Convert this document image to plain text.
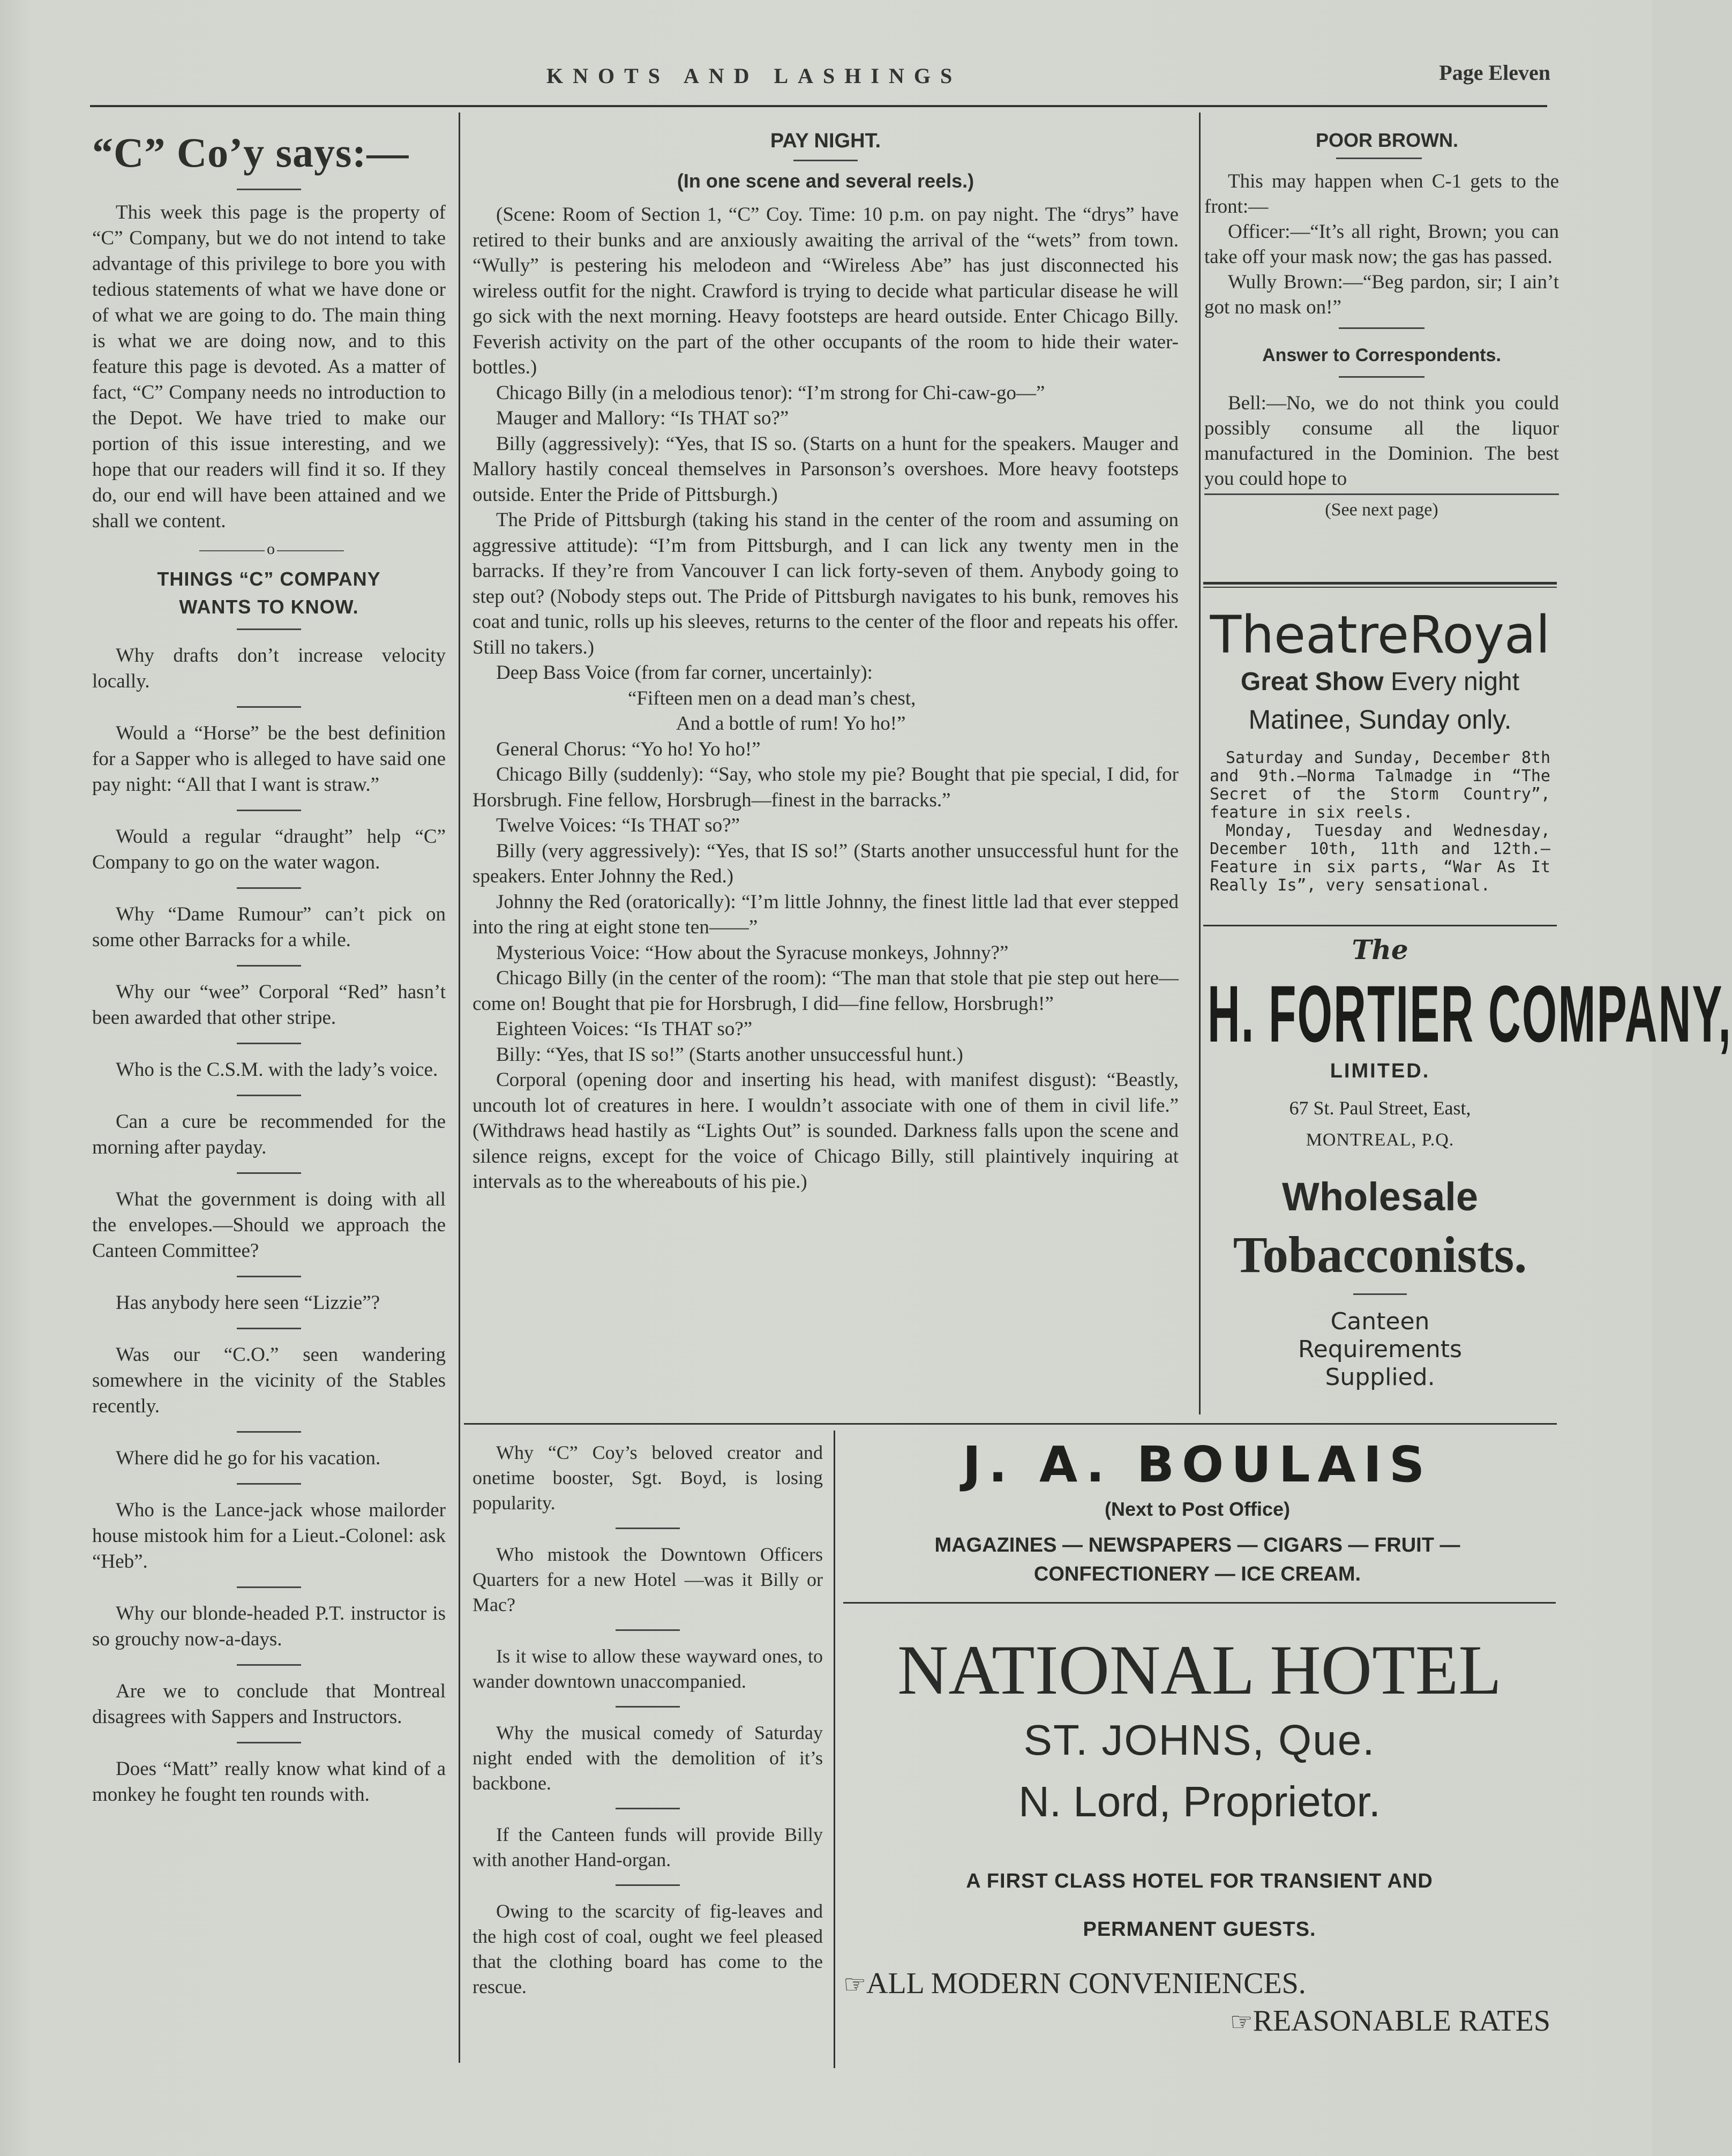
KNOTS AND LASHINGS	Page Eleven
“C” Co’y says:—

This week this page is the property of “C” Company, but we do not intend to take advantage of this privilege to bore you with tedious statements of what we have done or of what we are going to do. The main thing is what we are doing now, and to this feature this page is devoted. As a matter of fact, “C” Company needs no introduction to the Depot. We have tried to make our portion of this issue interesting, and we hope that our readers will find it so. If they do, our end will have been attained and we shall we content.

o
THINGS “C” COMPANY
WANTS TO KNOW.

Why drafts don’t increase velocity locally.

Would a “Horse” be the best definition for a Sapper who is alleged to have said one pay night: “All that I want is straw.”

Would a regular “draught” help “C” Company to go on the water wagon.

Why “Dame Rumour” can’t pick on some other Barracks for a while.

Why our “wee” Corporal “Red” hasn’t been awarded that other stripe.

Who is the C.S.M. with the lady’s voice.

Can a cure be recommended for the morning after payday.

What the government is doing with all the envelopes.—Should we approach the Canteen Committee?

Has anybody here seen “Lizzie”?

Was our “C.O.” seen wandering somewhere in the vicinity of the Stables recently.

Where did he go for his vacation.

Who is the Lance-jack whose mailorder house mistook him for a Lieut.-Colonel: ask “Heb”.

Why our blonde-headed P.T. instructor is so grouchy now-a-days.

Are we to conclude that Montreal disagrees with Sappers and Instructors.

Does “Matt” really know what kind of a monkey he fought ten rounds with.

PAY NIGHT.
(In one scene and several reels.)

(Scene: Room of Section 1, “C” Coy. Time: 10 p.m. on pay night. The “drys” have retired to their bunks and are anxiously awaiting the arrival of the “wets” from town. “Wully” is pestering his melodeon and “Wireless Abe” has just disconnected his wireless outfit for the night. Crawford is trying to decide what particular disease he will go sick with the next morning. Heavy footsteps are heard outside. Enter Chicago Billy. Feverish activity on the part of the other occupants of the room to hide their water-bottles.)

Chicago Billy (in a melodious tenor): “I’m strong for Chi-caw-go—”

Mauger and Mallory: “Is THAT so?”

Billy (aggressively): “Yes, that IS so. (Starts on a hunt for the speakers. Mauger and Mallory hastily conceal themselves in Parsonson’s overshoes. More heavy footsteps outside. Enter the Pride of Pittsburgh.)

The Pride of Pittsburgh (taking his stand in the center of the room and assuming on aggressive attitude): “I’m from Pittsburgh, and I can lick any twenty men in the barracks. If they’re from Vancouver I can lick forty-seven of them. Anybody going to step out? (Nobody steps out. The Pride of Pittsburgh navigates to his bunk, removes his coat and tunic, rolls up his sleeves, returns to the center of the floor and repeats his offer. Still no takers.)

Deep Bass Voice (from far corner, uncertainly):

“Fifteen men on a dead man’s chest,
And a bottle of rum! Yo ho!”

General Chorus: “Yo ho! Yo ho!”

Chicago Billy (suddenly): “Say, who stole my pie? Bought that pie special, I did, for Horsbrugh. Fine fellow, Horsbrugh—finest in the barracks.”

Twelve Voices: “Is THAT so?”

Billy (very aggressively): “Yes, that IS so!” (Starts another unsuccessful hunt for the speakers. Enter Johnny the Red.)

Johnny the Red (oratorically): “I’m little Johnny, the finest little lad that ever stepped into the ring at eight stone ten——”

Mysterious Voice: “How about the Syracuse monkeys, Johnny?”

Chicago Billy (in the center of the room): “The man that stole that pie step out here—come on! Bought that pie for Horsbrugh, I did—fine fellow, Horsbrugh!”

Eighteen Voices: “Is THAT so?”

Billy: “Yes, that IS so!” (Starts another unsuccessful hunt.)

Corporal (opening door and inserting his head, with manifest disgust): “Beastly, uncouth lot of creatures in here. I wouldn’t associate with one of them in civil life.” (Withdraws head hastily as “Lights Out” is sounded. Darkness falls upon the scene and silence reigns, except for the voice of Chicago Billy, still plaintively inquiring at intervals as to the whereabouts of his pie.)

Why “C” Coy’s beloved creator and onetime booster, Sgt. Boyd, is losing popularity.

Who mistook the Downtown Officers Quarters for a new Hotel —was it Billy or Mac?

Is it wise to allow these wayward ones, to wander downtown unaccompanied.

Why the musical comedy of Saturday night ended with the demolition of it’s backbone.

If the Canteen funds will provide Billy with another Hand-organ.

Owing to the scarcity of fig-leaves and the high cost of coal, ought we feel pleased that the clothing board has come to the rescue.

POOR BROWN.

This may happen when C-1 gets to the front:—

Officer:—“It’s all right, Brown; you can take off your mask now; the gas has passed.

Wully Brown:—“Beg pardon, sir; I ain’t got no mask on!”

Answer to Correspondents.

Bell:—No, we do not think you could possibly consume all the liquor manufactured in the Dominion. The best you could hope to

(See next page)
TheatreRoyal
Great Show Every night
Matinee, Sunday only.

Saturday and Sunday, December 8th and 9th.—Norma Talmadge in “The Secret of the Storm Country”, feature in six reels.

Monday, Tuesday and Wednesday, December 10th, 11th and 12th.—Feature in six parts, “War As It Really Is”, very sensational.

The
H. FORTIER COMPANY,
LIMITED.
67 St. Paul Street, East,
MONTREAL, P.Q.
Wholesale
Tobacconists.
Canteen
Requirements
Supplied.
J. A. BOULAIS
(Next to Post Office)
MAGAZINES — NEWSPAPERS — CIGARS — FRUIT —
CONFECTIONERY — ICE CREAM.
NATIONAL HOTEL
ST. JOHNS, Que.
N. Lord, Proprietor.
A FIRST CLASS HOTEL FOR TRANSIENT AND
PERMANENT GUESTS.
☞ALL MODERN CONVENIENCES.
☞REASONABLE RATES
